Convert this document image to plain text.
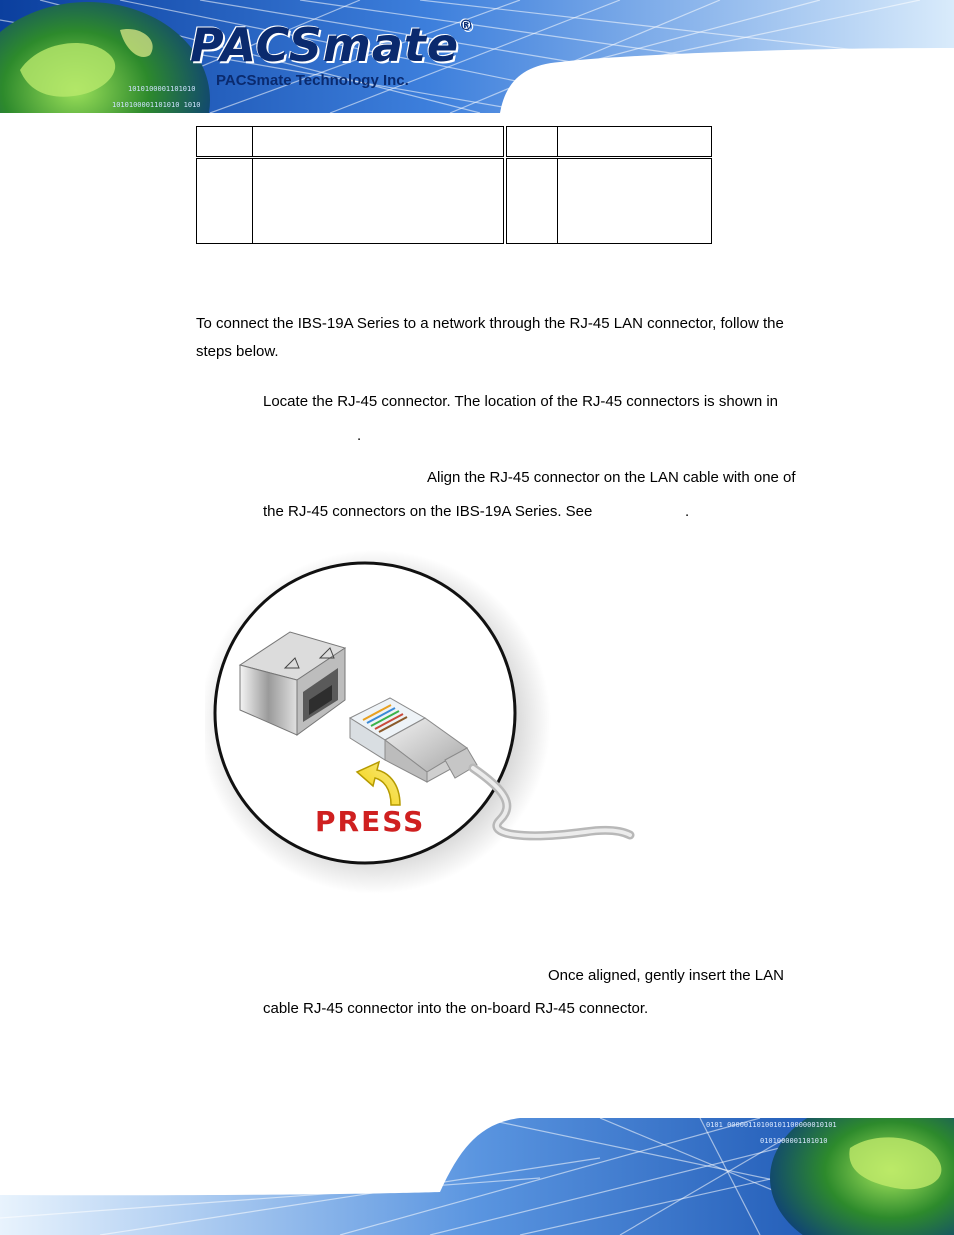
PACSmate®
PACSmate Technology Inc.
1010100001101010
1010100001101010 1010
To connect the IBS-19A Series to a network through the RJ-45 LAN connector, follow the
steps below.
Locate the RJ-45 connector. The location of the RJ-45 connectors is shown in
.
Align the RJ-45 connector on the LAN cable with one of
the RJ-45 connectors on the IBS-19A Series. See	.
PRESS
Once aligned, gently insert the LAN
cable RJ-45 connector into the on-board RJ-45 connector.
0101 00000110100101100000010101
0101000001101010
